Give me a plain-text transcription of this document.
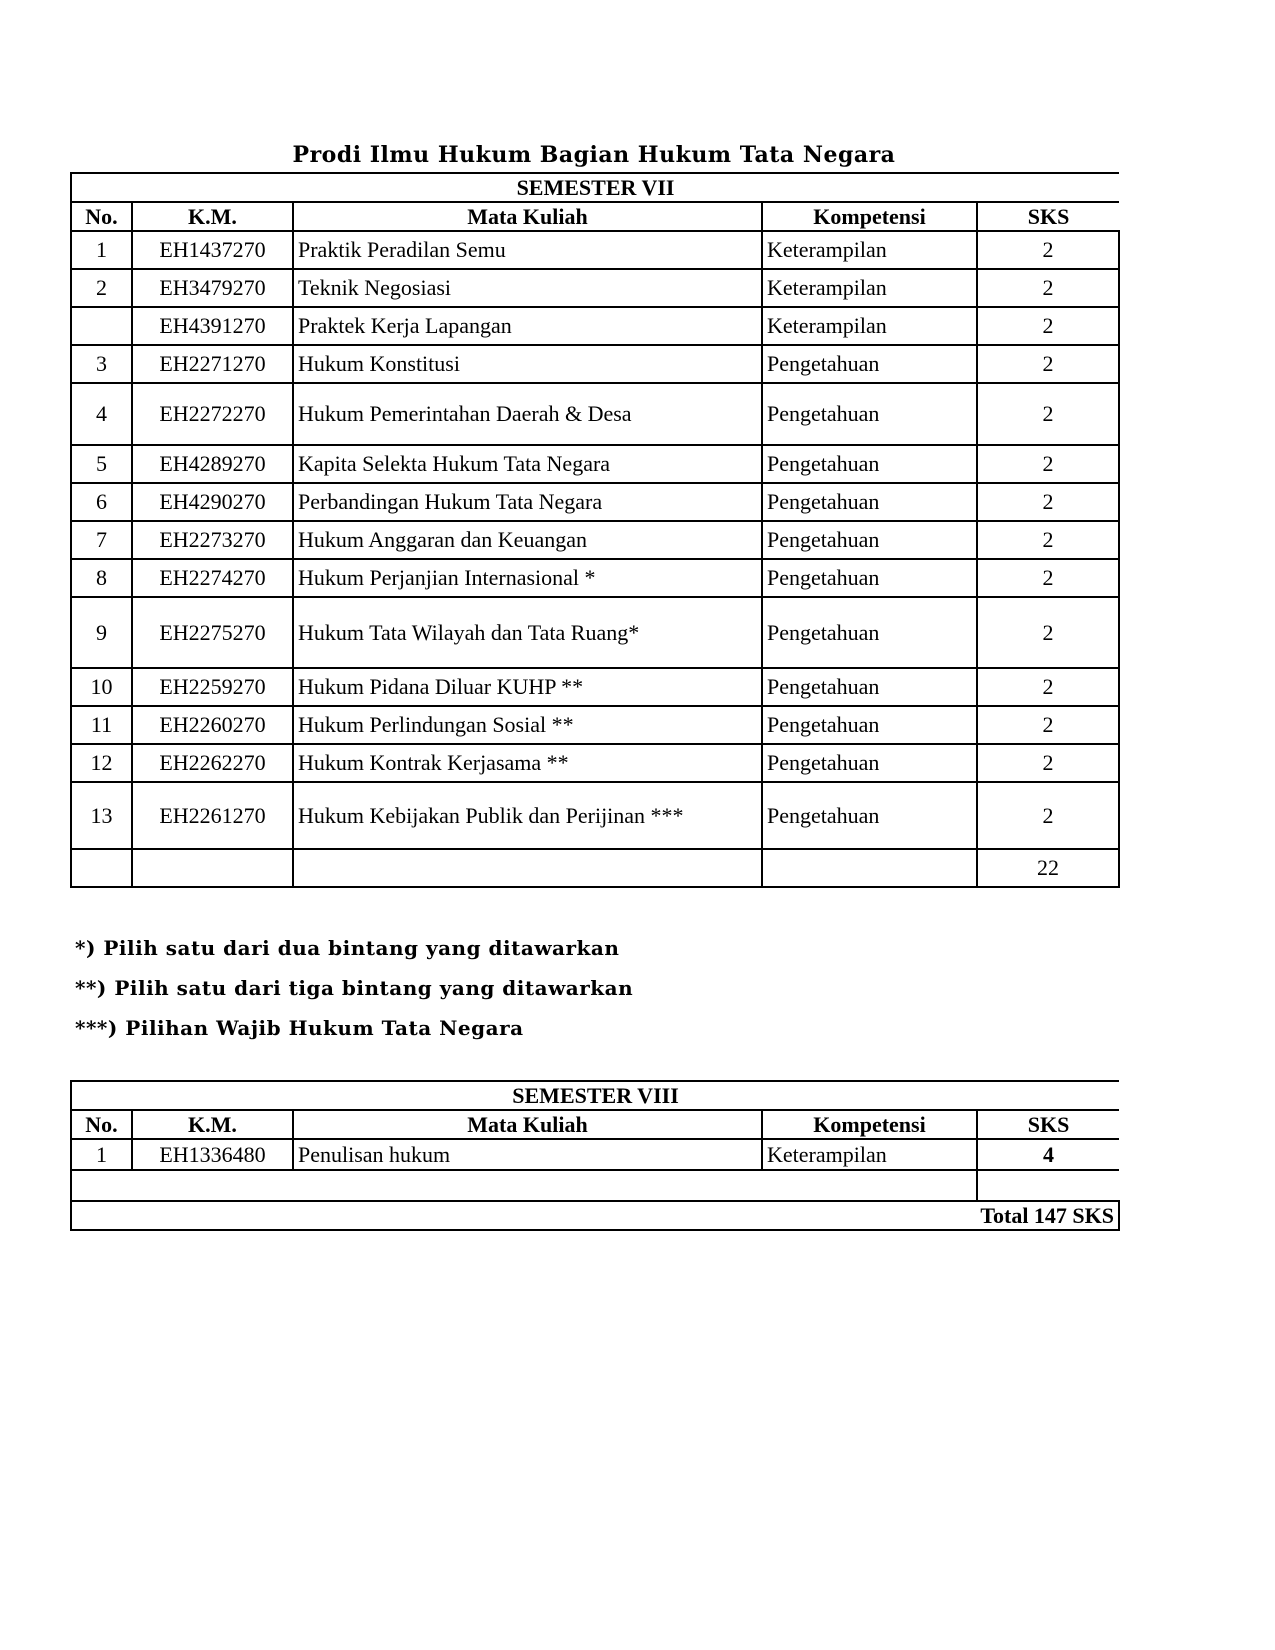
Prodi Ilmu Hukum Bagian Hukum Tata Negara
SEMESTER VII				
No.	K.M.	Mata Kuliah	Kompetensi	SKS
1	EH1437270	Praktik Peradilan Semu	Keterampilan	2
2	EH3479270	Teknik Negosiasi	Keterampilan	2
	EH4391270	Praktek Kerja Lapangan	Keterampilan	2
3	EH2271270	Hukum Konstitusi	Pengetahuan	2
4	EH2272270	Hukum Pemerintahan Daerah & Desa	Pengetahuan	2
5	EH4289270	Kapita Selekta Hukum Tata Negara	Pengetahuan	2
6	EH4290270	Perbandingan Hukum Tata Negara	Pengetahuan	2
7	EH2273270	Hukum Anggaran dan Keuangan	Pengetahuan	2
8	EH2274270	Hukum Perjanjian Internasional *	Pengetahuan	2
9	EH2275270	Hukum Tata Wilayah dan Tata Ruang*	Pengetahuan	2
10	EH2259270	Hukum Pidana Diluar KUHP **	Pengetahuan	2
11	EH2260270	Hukum Perlindungan Sosial **	Pengetahuan	2
12	EH2262270	Hukum Kontrak Kerjasama **	Pengetahuan	2
13	EH2261270	Hukum Kebijakan Publik dan Perijinan ***	Pengetahuan	2
				22
*) Pilih satu dari dua bintang yang ditawarkan
**) Pilih satu dari tiga bintang yang ditawarkan
***) Pilihan Wajib Hukum Tata Negara
SEMESTER VIII				
No.	K.M.	Mata Kuliah	Kompetensi	SKS
1	EH1336480	Penulisan hukum	Keterampilan	4

Total 147 SKS				
